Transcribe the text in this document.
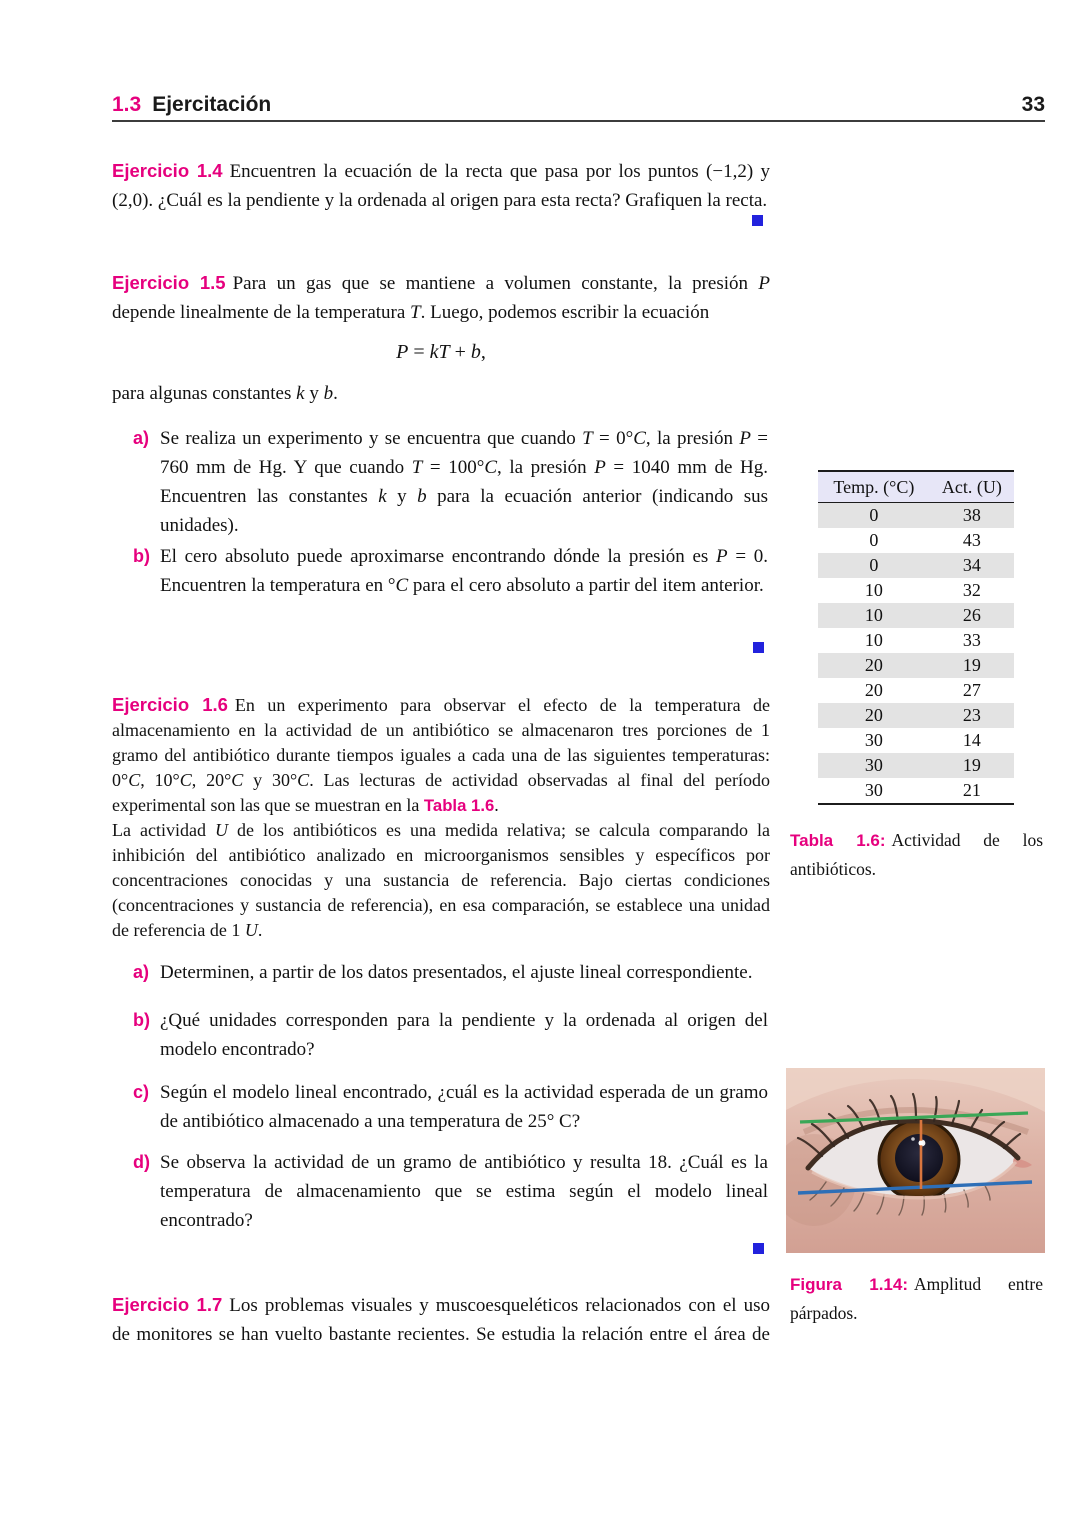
1.3 Ejercitación	33

Ejercicio 1.4 Encuentren la ecuación de la recta que pasa por los puntos (−1,2) y (2,0). ¿Cuál es la pendiente y la ordenada al origen para esta recta? Grafiquen la recta.

Ejercicio 1.5 Para un gas que se mantiene a volumen constante, la presión P depende linealmente de la temperatura T. Luego, podemos escribir la ecuación

P = kT + b,

para algunas constantes k y b.

a) Se realiza un experimento y se encuentra que cuando T = 0°C, la presión P = 760 mm de Hg. Y que cuando T = 100°C, la presión P = 1040 mm de Hg. Encuentren las constantes k y b para la ecuación anterior (indicando sus unidades).
b) El cero absoluto puede aproximarse encontrando dónde la presión es P = 0. Encuentren la temperatura en °C para el cero absoluto a partir del item anterior.

Ejercicio 1.6 En un experimento para observar el efecto de la temperatura de almacenamiento en la actividad de un antibiótico se almacenaron tres porciones de 1 gramo del antibiótico durante tiempos iguales a cada una de las siguientes temperaturas: 0°C, 10°C, 20°C y 30°C. Las lecturas de actividad observadas al final del período experimental son las que se muestran en la Tabla 1.6.

La actividad U de los antibióticos es una medida relativa; se calcula comparando la inhibición del antibiótico analizado en microorganismos sensibles y específicos por concentraciones conocidas y una sustancia de referencia. Bajo ciertas condiciones (concentraciones y sustancia de referencia), en esa comparación, se establece una unidad de referencia de 1 U.

a) Determinen, a partir de los datos presentados, el ajuste lineal correspondiente.
b) ¿Qué unidades corresponden para la pendiente y la ordenada al origen del modelo encontrado?
c) Según el modelo lineal encontrado, ¿cuál es la actividad esperada de un gramo de antibiótico almacenado a una temperatura de 25° C?
d) Se observa la actividad de un gramo de antibiótico y resulta 18. ¿Cuál es la temperatura de almacenamiento que se estima según el modelo lineal encontrado?

Ejercicio 1.7 Los problemas visuales y muscoesqueléticos relacionados con el uso de monitores se han vuelto bastante recientes. Se estudia la relación entre el área de

Temp. (°C)	Act. (U)
0	38
0	43
0	34
10	32
10	26
10	33
20	19
20	27
20	23
30	14
30	19
30	21
Tabla 1.6: Actividad de los antibióticos.
Figura 1.14: Amplitud entre párpados.
